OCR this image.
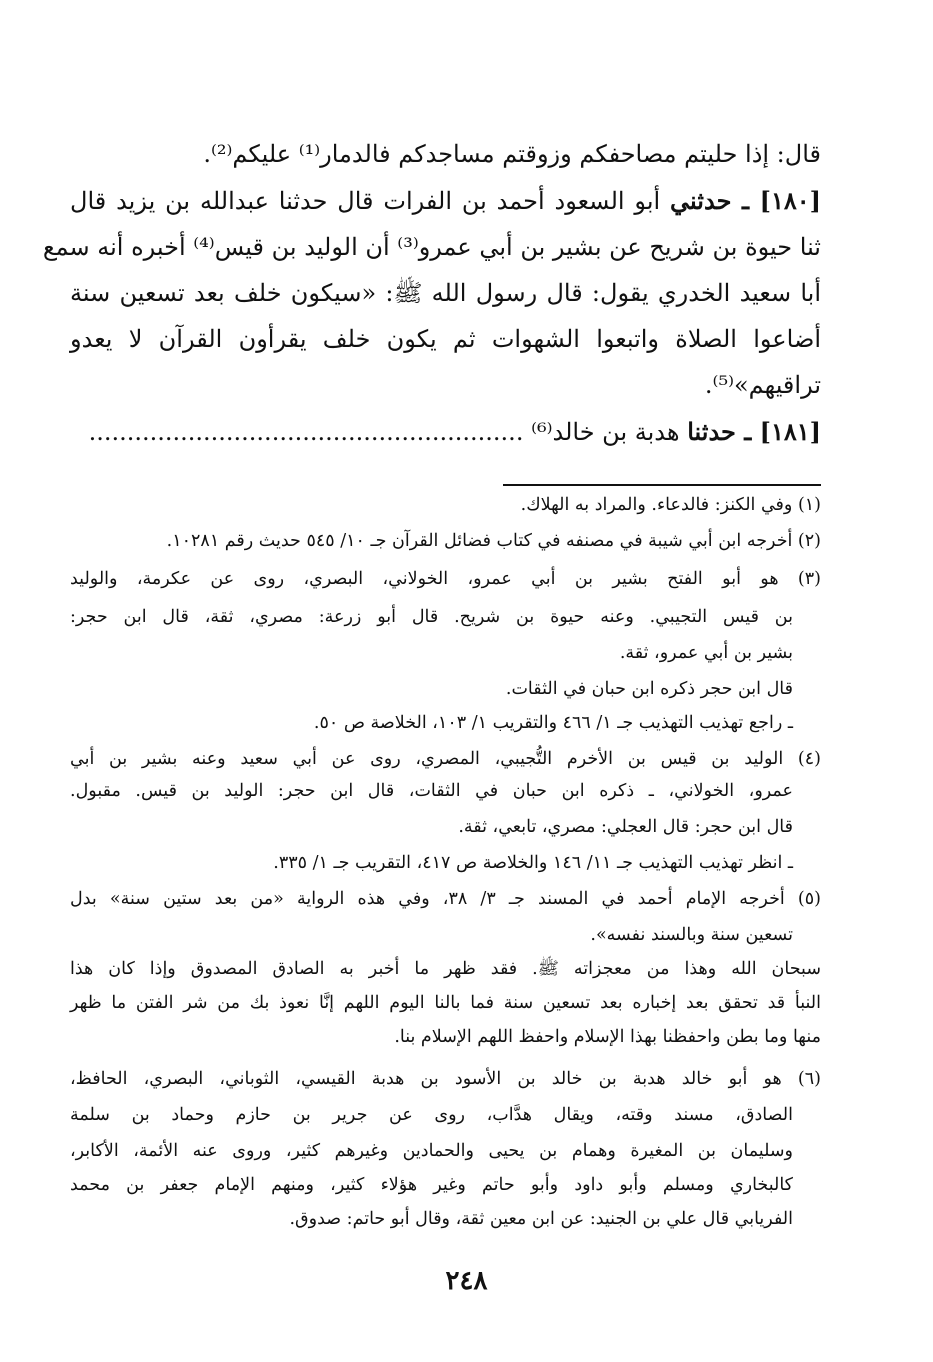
قال: إذا حليتم مصاحفكم وزوقتم مساجدكم فالدمار⁽¹⁾ عليكم⁽²⁾.
[١٨٠] ـ حدثني أبو السعود أحمد بن الفرات قال حدثنا عبدالله بن يزيد قال
ثنا حيوة بن شريح عن بشير بن أبي عمرو⁽³⁾ أن الوليد بن قيس⁽⁴⁾ أخبره أنه سمع
أبا سعيد الخدري يقول: قال رسول الله ﷺ: «سيكون خلف بعد تسعين سنة
أضاعوا الصلاة واتبعوا الشهوات ثم يكون خلف يقرأون القرآن لا يعدو
تراقيهم»⁽⁵⁾.
[١٨١] ـ حدثنا هدبة بن خالد⁽⁶⁾ .........................................................
(١) وفي الكنز: فالدعاء. والمراد به الهلاك.
(٢) أخرجه ابن أبي شيبة في مصنفه في كتاب فضائل القرآن جـ ١٠/ ٥٤٥ حديث رقم ١٠٢٨١.
(٣) هو أبو الفتح بشير بن أبي عمرو، الخولاني، البصري، روى عن عكرمة، والوليد
بن قيس التجيبي. وعنه حيوة بن شريح. قال أبو زرعة: مصري، ثقة، قال ابن حجر:
بشير بن أبي عمرو، ثقة.
قال ابن حجر ذكره ابن حبان في الثقات.
ـ راجع تهذيب التهذيب جـ ١/ ٤٦٦ والتقريب ١/ ١٠٣، الخلاصة ص ٥٠.
(٤) الوليد بن قيس بن الأخرم التُّجيبي، المصري، روى عن أبي سعيد وعنه بشير بن أبي
عمرو، الخولاني، ـ ذكره ابن حبان في الثقات، قال ابن حجر: الوليد بن قيس. مقبول.
قال ابن حجر: قال العجلي: مصري، تابعي، ثقة.
ـ انظر تهذيب التهذيب جـ ١١/ ١٤٦ والخلاصة ص ٤١٧، التقريب جـ ١/ ٣٣٥.
(٥) أخرجه الإمام أحمد في المسند جـ ٣/ ٣٨، وفي هذه الرواية «من بعد ستين سنة» بدل
تسعين سنة وبالسند نفسه».
سبحان الله وهذا من معجزاته ﷺ. فقد ظهر ما أخبر به الصادق المصدوق وإذا كان هذا
النبأ قد تحقق بعد إخباره بعد تسعين سنة فما بالنا اليوم اللهم إنَّا نعوذ بك من شر الفتن ما ظهر
منها وما بطن واحفظنا بهذا الإسلام واحفظ اللهم الإسلام بنا.
(٦) هو أبو خالد هدبة بن خالد بن الأسود بن هدبة القيسي، الثوباني، البصري، الحافظ،
الصادق، مسند وقته، ويقال هدَّاب، روى عن جرير بن حازم وحماد بن سلمة
وسليمان بن المغيرة وهمام بن يحيى والحمادين وغيرهم كثير، وروى عنه الأئمة، الأكابر،
كالبخاري ومسلم وأبو داود وأبو حاتم وغير هؤلاء كثير، ومنهم الإمام جعفر بن محمد
الفريابي قال علي بن الجنيد: عن ابن معين ثقة، وقال أبو حاتم: صدوق.
٢٤٨
